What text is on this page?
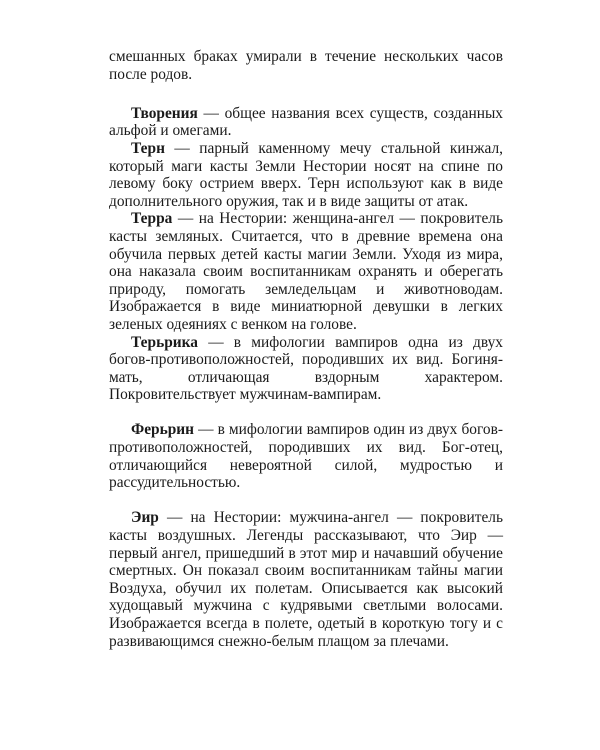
смешанных браках умирали в течение нескольких часов после родов.

Творения — общее названия всех существ, созданных альфой и омегами.

Терн — парный каменному мечу стальной кинжал, который маги касты Земли Нестории носят на спине по левому боку острием вверх. Терн используют как в виде дополнительного оружия, так и в виде защиты от атак.

Терра — на Нестории: женщина-ангел — покровитель касты земляных. Считается, что в древние времена она обучила первых детей касты магии Земли. Уходя из мира, она наказала своим воспитанникам охранять и оберегать природу, помогать земледельцам и животноводам. Изображается в виде миниатюрной девушки в легких зеленых одеяниях с венком на голове.

Терьрика — в мифологии вампиров одна из двух богов-противоположностей, породивших их вид. Богиня-мать, отличающая вздорным характером. Покровительствует мужчинам-вампирам.

Ферьрин — в мифологии вампиров один из двух богов-противоположностей, породивших их вид. Бог-отец, отличающийся невероятной силой, мудростью и рассудительностью.

Эир — на Нестории: мужчина-ангел — покровитель касты воздушных. Легенды рассказывают, что Эир — первый ангел, пришедший в этот мир и начавший обучение смертных. Он показал своим воспитанникам тайны магии Воздуха, обучил их полетам. Описывается как высокий худощавый мужчина с кудрявыми светлыми волосами. Изображается всегда в полете, одетый в короткую тогу и с развивающимся снежно-белым плащом за плечами.
